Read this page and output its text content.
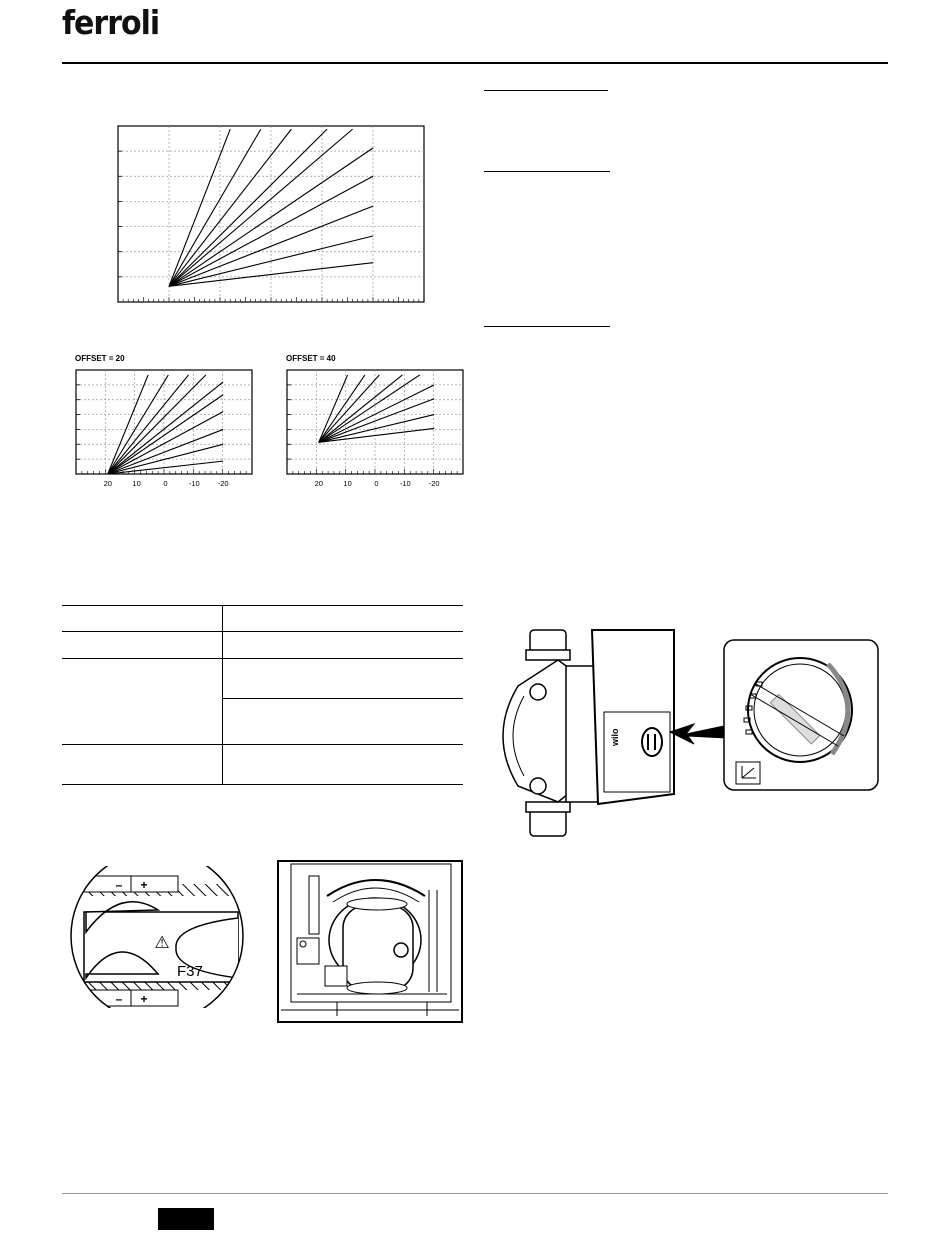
ferroli
OFFSET = 20
20	10	0	-10 -20
OFFSET = 40
20	10	0	-10 -20

– +
– +
⚠
F37
wilo
